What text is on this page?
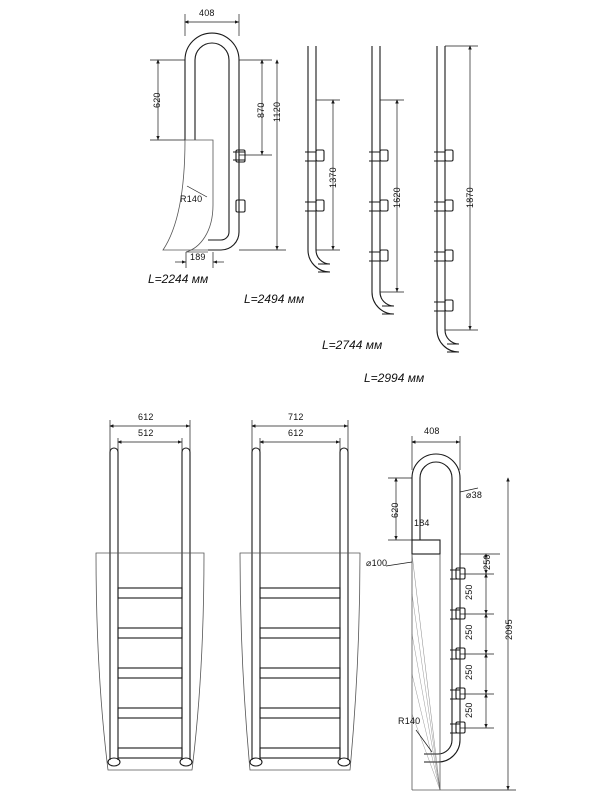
408
620
870 1120
R140
189
L=2244 мм
1370
L=2494 мм
1620
L=2744 мм
1870
L=2994 мм
612
512
712
612	408
620
⌀38
184
⌀100	250
250
250
250
250
2095
R140
